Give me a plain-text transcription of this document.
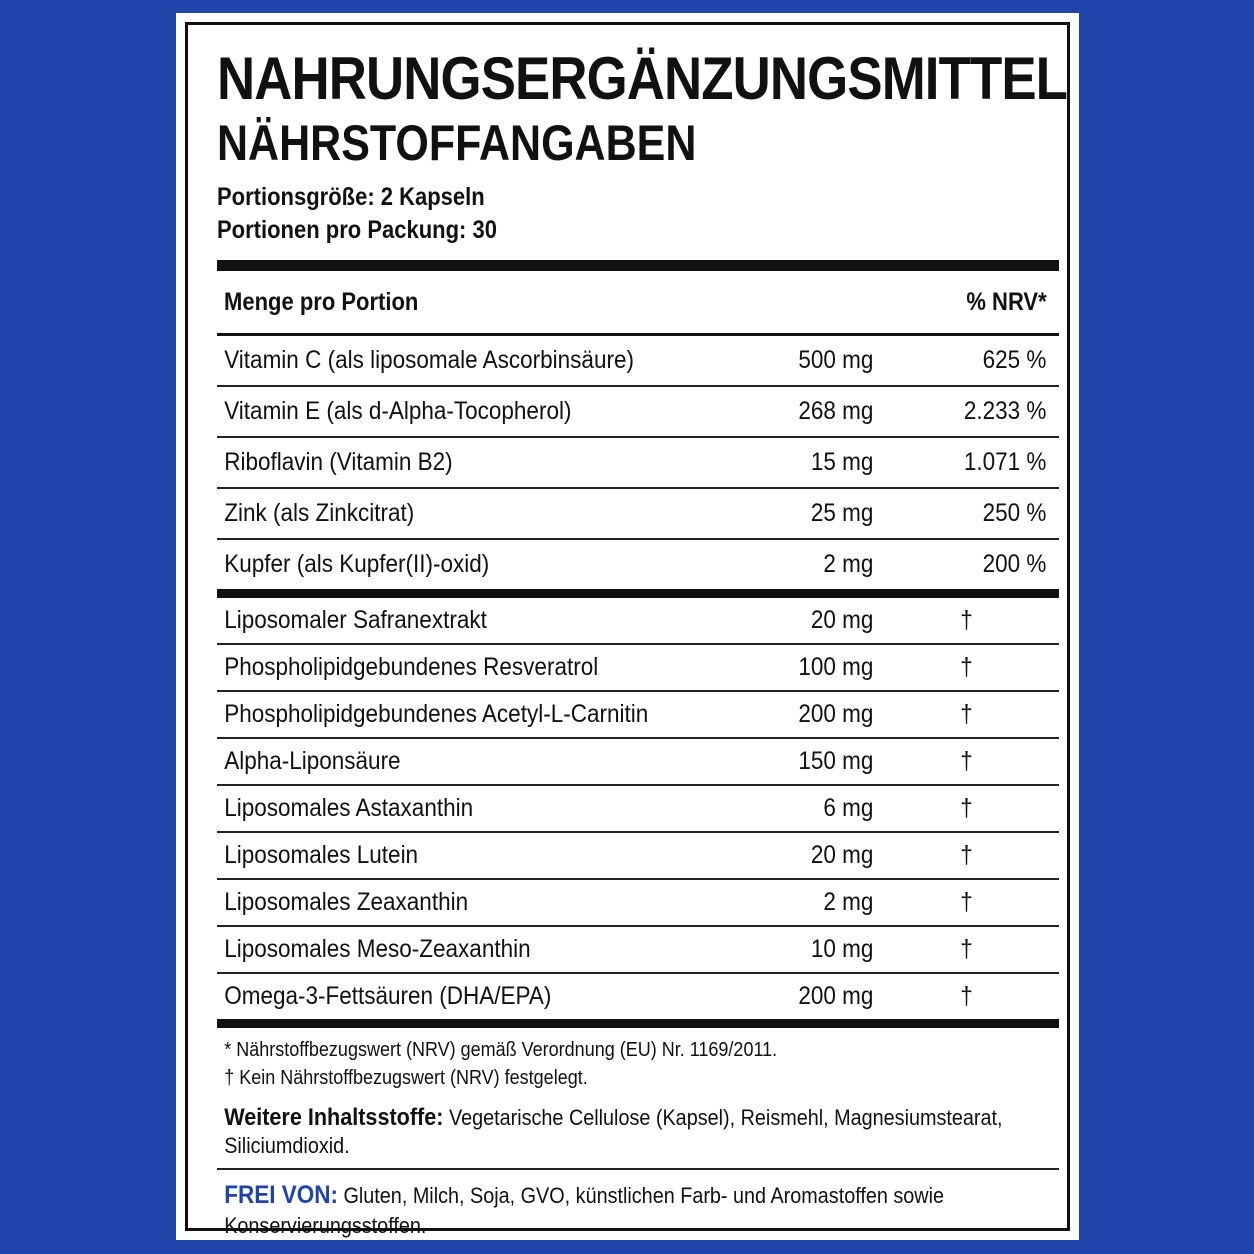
NAHRUNGSERGÄNZUNGSMITTEL
NÄHRSTOFFANGABEN
Portionsgröße: 2 Kapseln
Portionen pro Packung: 30
Menge pro Portion	% NRV*
Vitamin C (als liposomale Ascorbinsäure)	500 mg	625 %
Vitamin E (als d-Alpha-Tocopherol)	268 mg	2.233 %
Riboflavin (Vitamin B2)	15 mg	1.071 %
Zink (als Zinkcitrat)	25 mg	250 %
Kupfer (als Kupfer(II)-oxid)	2 mg	200 %
Liposomaler Safranextrakt	20 mg	†
Phospholipidgebundenes Resveratrol	100 mg	†
Phospholipidgebundenes Acetyl-L-Carnitin	200 mg	†
Alpha-Liponsäure	150 mg	†
Liposomales Astaxanthin	6 mg	†
Liposomales Lutein	20 mg	†
Liposomales Zeaxanthin	2 mg	†
Liposomales Meso-Zeaxanthin	10 mg	†
Omega-3-Fettsäuren (DHA/EPA)	200 mg	†
* Nährstoffbezugswert (NRV) gemäß Verordnung (EU) Nr. 1169/2011.
† Kein Nährstoffbezugswert (NRV) festgelegt.
Weitere Inhaltsstoffe: Vegetarische Cellulose (Kapsel), Reismehl, Magnesiumstearat, Siliciumdioxid.
FREI VON: Gluten, Milch, Soja, GVO, künstlichen Farb- und Aromastoffen sowie Konservierungsstoffen.
